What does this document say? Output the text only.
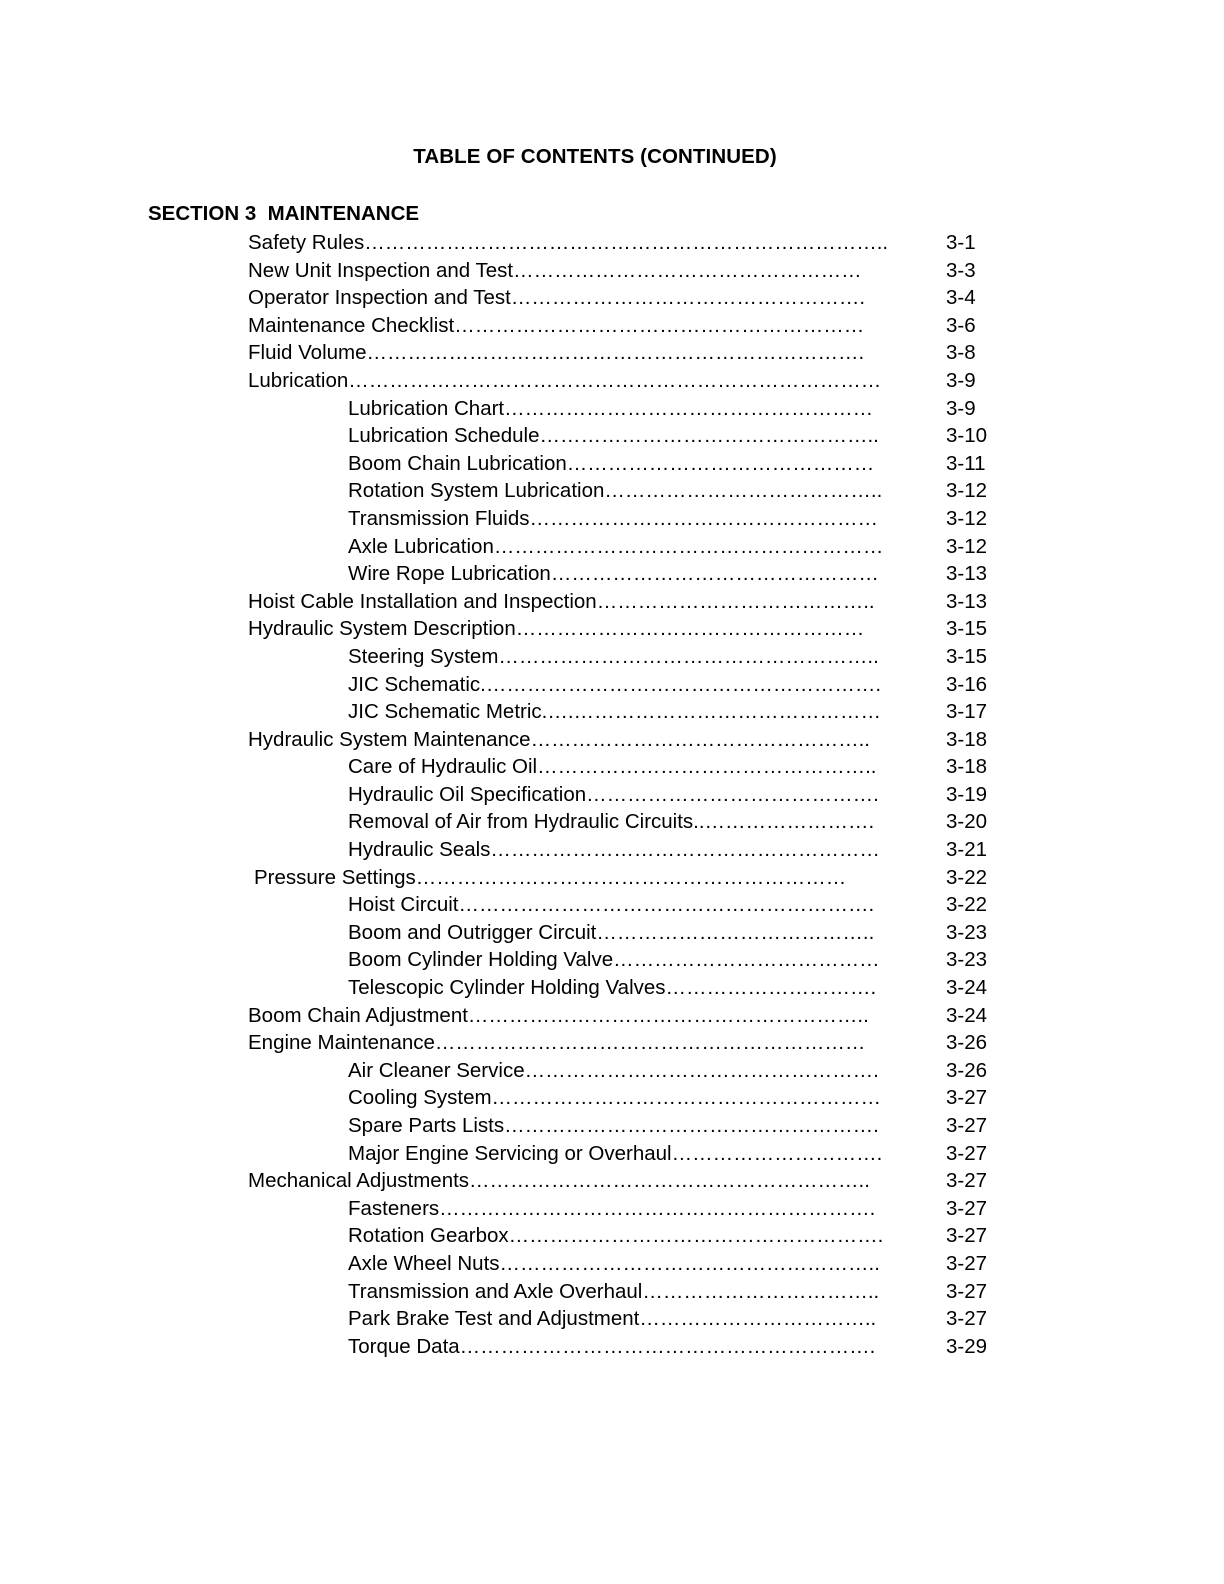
TABLE OF CONTENTS (CONTINUED)
SECTION 3  MAINTENANCE

Safety Rules…………………………………………………………………..

	3-1

New Unit Inspection and Test……………………………………………

	3-3

Operator Inspection and Test…………………………………………….

	3-4

Maintenance Checklist……………………………………………………

	3-6

Fluid Volume……………………………………………………………….

	3-8

Lubrication……………………………………………………………………

	3-9

Lubrication Chart………………………………………………

	3-9

Lubrication Schedule…………………………………………..

	3-10

Boom Chain Lubrication………………………………………

	3-11

Rotation System Lubrication…………………………………..

	3-12

Transmission Fluids……………………………………………

	3-12

Axle Lubrication…………………………………………………

	3-12

Wire Rope Lubrication…………………………………………

	3-13

Hoist Cable Installation and Inspection…………………………………..

	3-13

Hydraulic System Description……………………………………………

	3-15

Steering System………………………………………………..

	3-15

JIC Schematic.………………………………………………….

	3-16

JIC Schematic Metric.….………………………………………

	3-17

Hydraulic System Maintenance…………………………………………..

	3-18

Care of Hydraulic Oil…………………………………………..

	3-18

Hydraulic Oil Specification…………………………………….

	3-19

Removal of Air from Hydraulic Circuits..…………………….

	3-20

Hydraulic Seals…………………………………………………

	3-21

Pressure Settings………………………………………………………

	3-22

Hoist Circuit…………………………………………………….

	3-22

Boom and Outrigger Circuit…………………………………..

	3-23

Boom Cylinder Holding Valve…………………………………

	3-23

Telescopic Cylinder Holding Valves………………………….

	3-24

Boom Chain Adjustment…………………………………………………..

	3-24

Engine Maintenance………………………………………………………

	3-26

Air Cleaner Service…………………………………………….

	3-26

Cooling System…………………………………………………

	3-27

Spare Parts Lists……………………………………………….

	3-27

Major Engine Servicing or Overhaul………………………….

	3-27

Mechanical Adjustments…………………………………………………..

	3-27

Fasteners……………………………………………………….

	3-27

Rotation Gearbox……………………………………………….

	3-27

Axle Wheel Nuts………………………………………………..

	3-27

Transmission and Axle Overhaul……………………………..

	3-27

Park Brake Test and Adjustment……………………………..

	3-27

Torque Data…………………………………………………….

	3-29
